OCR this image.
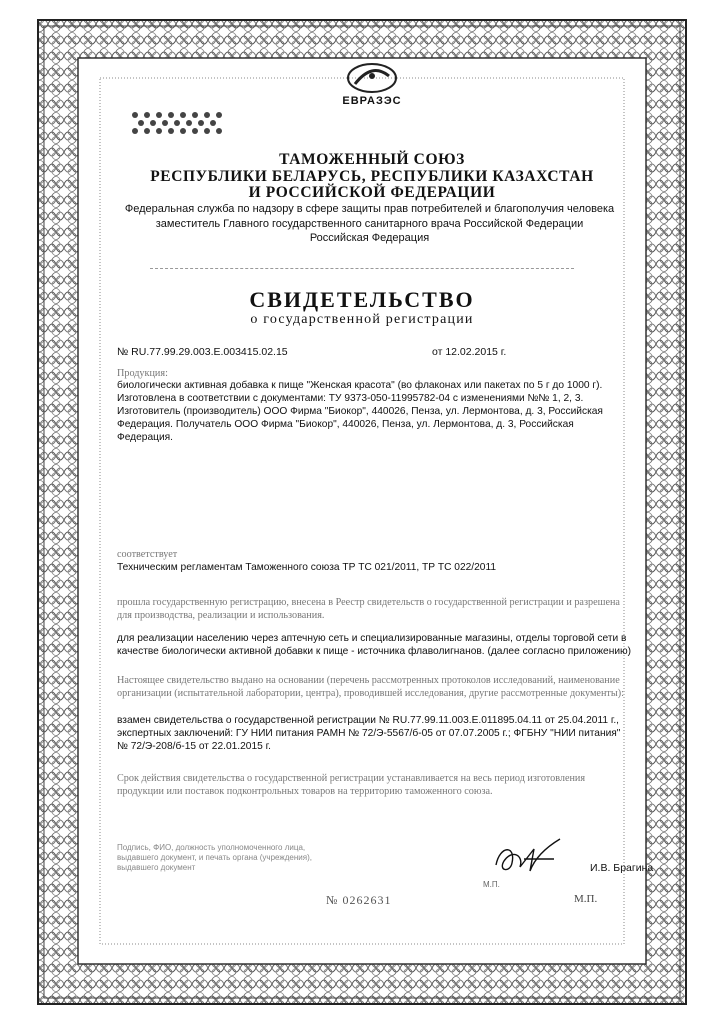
ЕВРАЗЭС
ТАМОЖЕННЫЙ СОЮЗ
РЕСПУБЛИКИ БЕЛАРУСЬ, РЕСПУБЛИКИ КАЗАХСТАН
И РОССИЙСКОЙ ФЕДЕРАЦИИ
Федеральная служба по надзору в сфере защиты прав потребителей и благополучия человека
заместитель Главного государственного санитарного врача Российской Федерации
Российская Федерация
СВИДЕТЕЛЬСТВО
о государственной регистрации
№ RU.77.99.29.003.Е.003415.02.15	от 12.02.2015 г.
Продукция:
биологически активная добавка к пище "Женская красота" (во флаконах или пакетах по 5 г до 1000 г). Изготовлена в соответствии с документами: ТУ 9373-050-11995782-04 с изменениями №№ 1, 2, 3. Изготовитель (производитель) ООО Фирма "Биокор", 440026, Пенза, ул. Лермонтова, д. 3, Российская Федерация. Получатель ООО Фирма "Биокор", 440026, Пенза, ул. Лермонтова, д. 3, Российская Федерация.
соответствует
Техническим регламентам Таможенного союза ТР ТС 021/2011, ТР ТС 022/2011
прошла государственную регистрацию, внесена в Реестр свидетельств о государственной регистрации и разрешена для производства, реализации и использования.
для реализации населению через аптечную сеть и специализированные магазины, отделы торговой сети в качестве биологически активной добавки к пище - источника флаволигнанов. (далее согласно приложению)
Настоящее свидетельство выдано на основании (перечень рассмотренных протоколов исследований, наименование организации (испытательной лаборатории, центра), проводившей исследования, другие рассмотренные документы):
взамен свидетельства о государственной регистрации № RU.77.99.11.003.Е.011895.04.11 от 25.04.2011 г., экспертных заключений: ГУ НИИ питания РАМН № 72/Э-5567/б-05 от 07.07.2005 г.; ФГБНУ "НИИ питания" № 72/Э-208/б-15 от 22.01.2015 г.
Срок действия свидетельства о государственной регистрации устанавливается на весь период изготовления продукции или поставок подконтрольных товаров на территорию таможенного союза.
Подпись, ФИО, должность уполномоченного лица, выдавшего документ, и печать органа (учреждения), выдавшего документ	И.В. Брагина
М.П.
№ 0262631	М.П.
